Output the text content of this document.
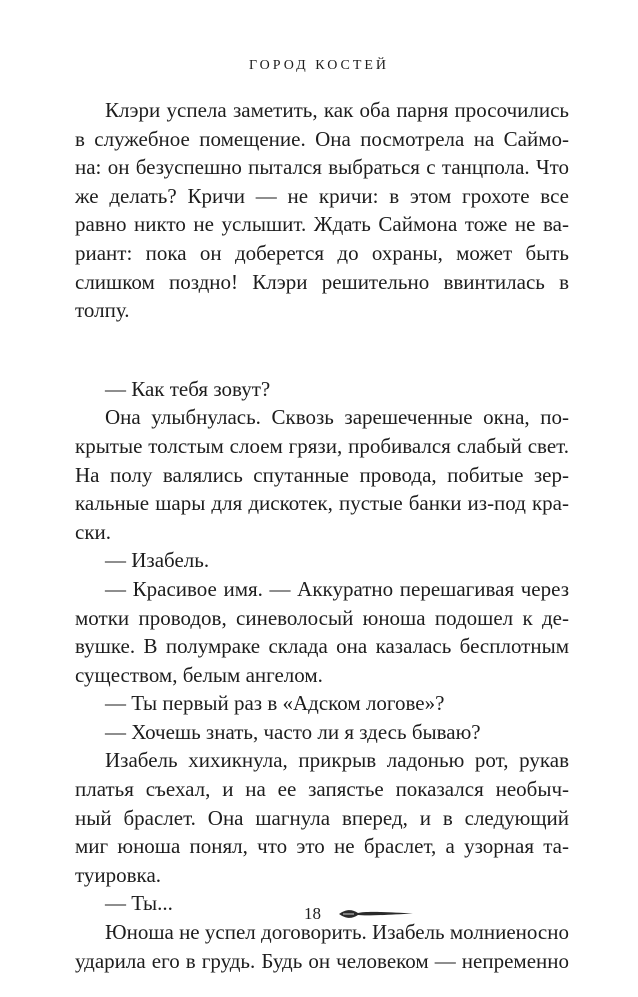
ГОРОД КОСТЕЙ
Клэри успела заметить, как оба парня просочились
в служебное помещение. Она посмотрела на Саймо-
на: он безуспешно пытался выбраться с танцпола. Что
же делать? Кричи — не кричи: в этом грохоте все
равно никто не услышит. Ждать Саймона тоже не ва-
риант: пока он доберется до охраны, может быть
слишком поздно! Клэри решительно ввинтилась в
толпу.
— Как тебя зовут?
Она улыбнулась. Сквозь зарешеченные окна, по-
крытые толстым слоем грязи, пробивался слабый свет.
На полу валялись спутанные провода, побитые зер-
кальные шары для дискотек, пустые банки из-под кра-
ски.
— Изабель.
— Красивое имя. — Аккуратно перешагивая через
мотки проводов, синеволосый юноша подошел к де-
вушке. В полумраке склада она казалась бесплотным
существом, белым ангелом.
— Ты первый раз в «Адском логове»?
— Хочешь знать, часто ли я здесь бываю?
Изабель хихикнула, прикрыв ладонью рот, рукав
платья съехал, и на ее запястье показался необыч-
ный браслет. Она шагнула вперед, и в следующий
миг юноша понял, что это не браслет, а узорная та-
туировка.
— Ты...
Юноша не успел договорить. Изабель молниеносно
ударила его в грудь. Будь он человеком — непременно
18
